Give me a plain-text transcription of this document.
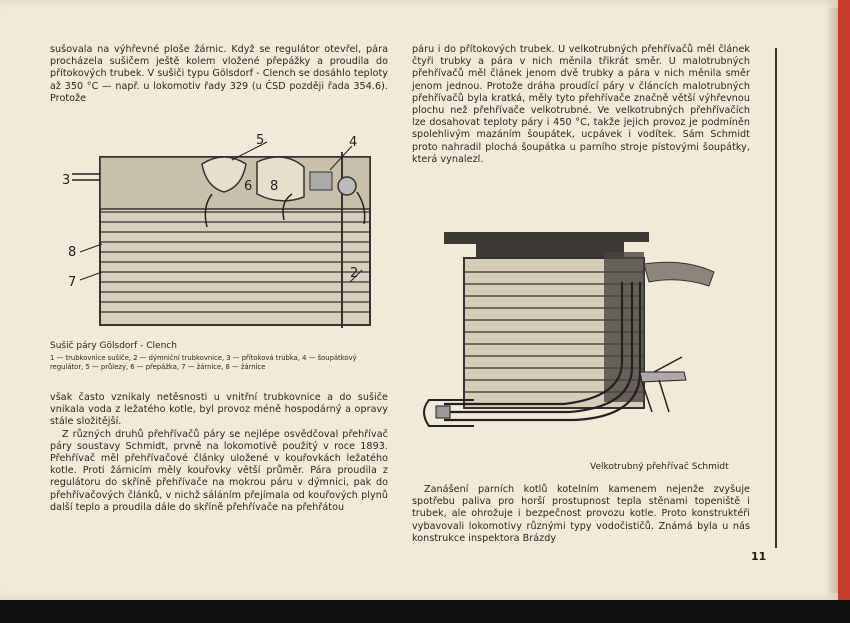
sušovala na výhřevné ploše žárnic. Když se regulátor otevřel, pára procházela sušičem ještě kolem vložené přepážky a proudila do přítokových trubek. V sušiči typu Gölsdorf - Clench se dosáhlo teploty až 350 °C — např. u lokomotiv řady 329 (u ČSD později řada 354.6). Protože

5	4
3	6 8
2
8
7
Sušič páry Gölsdorf - Clench
1 — trubkovnice sušiče, 2 — dýmniční trubkovnice, 3 — přítoková trubka, 4 — šoupátkový regulátor, 5 — průlezy, 6 — přepážka, 7 — žárnice, 8 — žárnice

však často vznikaly netěsnosti u vnitřní trubkovnice a do sušiče vnikala voda z ležatého kotle, byl provoz méně hospodárný a opravy stále složitější.

Z různých druhů přehřívačů páry se nejlépe osvědčoval přehřívač páry soustavy Schmidt, prvně na lokomotivě použitý v roce 1893. Přehřívač měl přehřívačové články uložené v kouřovkách ležatého kotle. Proti žárnicím měly kouřovky větší průměr. Pára proudila z regulátoru do skříně přehřívače na mokrou páru v dýmnici, pak do přehřívačových článků, v nichž sáláním přejímala od kouřových plynů další teplo a proudila dále do skříně přehřívače na přehřátou

páru i do přítokových trubek. U velkotrubných přehřívačů měl článek čtyři trubky a pára v nich měnila třikrát směr. U malotrubných přehřívačů měl článek jenom dvě trubky a pára v nich měnila směr jenom jednou. Protože dráha proudící páry v článcích malotrubných přehřívačů byla kratká, měly tyto přehřívače značně větší výhřevnou plochu než přehřívače velkotrubné. Ve velkotrubných přehřívačích lze dosahovat teploty páry i 450 °C, takže jejich provoz je podmíněn spolehlivým mazáním šoupátek, ucpávek i vodítek. Sám Schmidt proto nahradil plochá šoupátka u parního stroje pístovými šoupátky, která vynalezl.

Velkotrubný přehřívač Schmidt

Zanášení parních kotlů kotelním kamenem nejenže zvyšuje spotřebu paliva pro horší prostupnost tepla stěnami topeniště i trubek, ale ohrožuje i bezpečnost provozu kotle. Proto konstruktéři vybavovali lokomotivy různými typy vodočističů. Známá byla u nás konstrukce inspektora Brázdy

11
